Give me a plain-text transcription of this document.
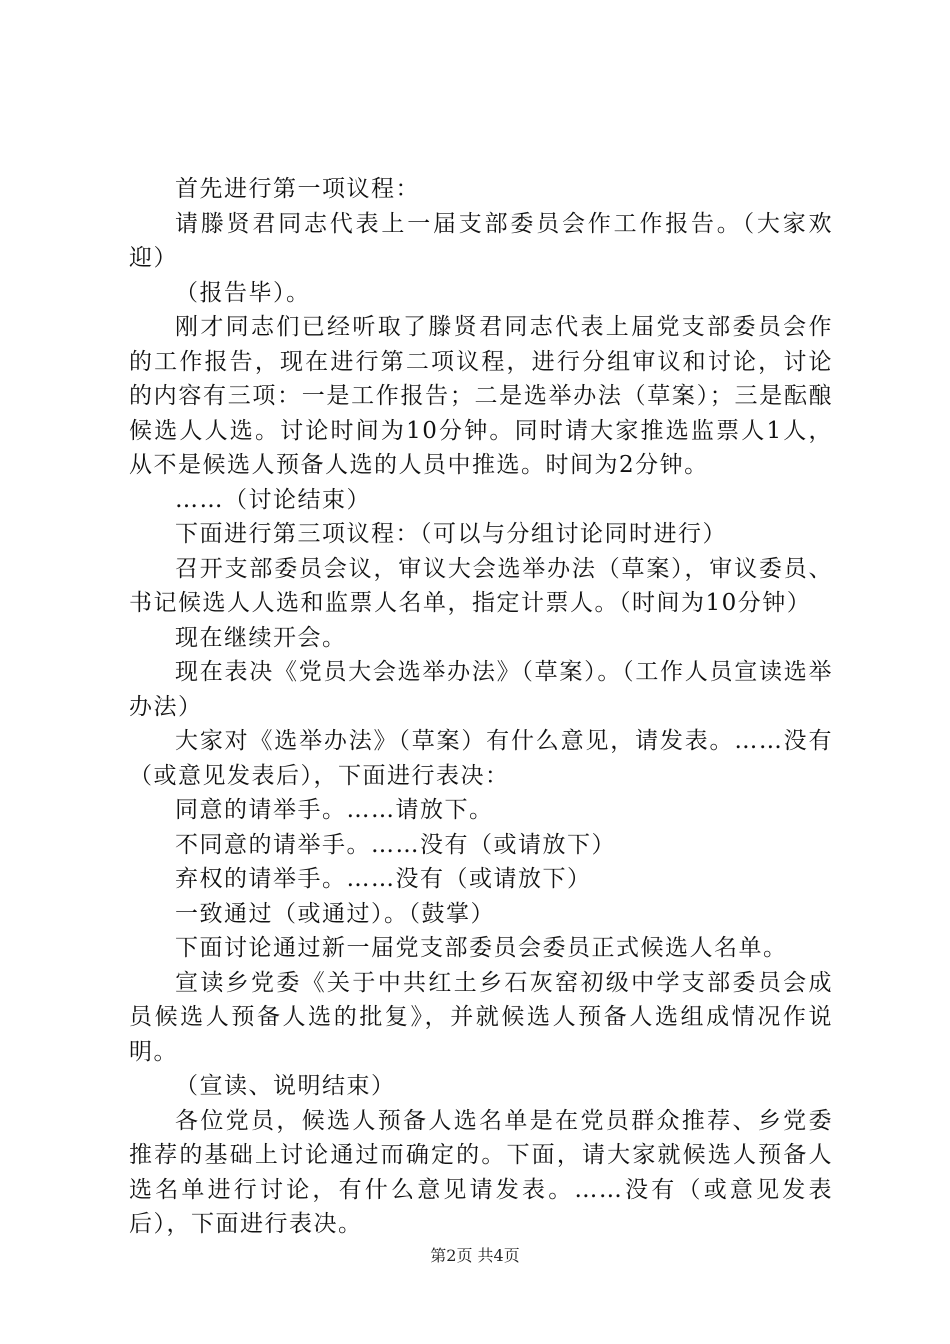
首先进行第一项议程：

请滕贤君同志代表上一届支部委员会作工作报告。（大家欢迎）

（报告毕）。

刚才同志们已经听取了滕贤君同志代表上届党支部委员会作的工作报告，现在进行第二项议程，进行分组审议和讨论，讨论的内容有三项：一是工作报告；二是选举办法（草案）；三是酝酿候选人人选。讨论时间为10分钟。同时请大家推选监票人1人，从不是候选人预备人选的人员中推选。时间为2分钟。

……（讨论结束）

下面进行第三项议程：（可以与分组讨论同时进行）

召开支部委员会议，审议大会选举办法（草案），审议委员、书记候选人人选和监票人名单，指定计票人。（时间为10分钟）

现在继续开会。

现在表决《党员大会选举办法》（草案）。（工作人员宣读选举办法）

大家对《选举办法》（草案）有什么意见，请发表。……没有（或意见发表后），下面进行表决：

同意的请举手。……请放下。

不同意的请举手。……没有（或请放下）

弃权的请举手。……没有（或请放下）

一致通过（或通过）。（鼓掌）

下面讨论通过新一届党支部委员会委员正式候选人名单。

宣读乡党委《关于中共红土乡石灰窑初级中学支部委员会成员候选人预备人选的批复》，并就候选人预备人选组成情况作说明。

（宣读、说明结束）

各位党员，候选人预备人选名单是在党员群众推荐、乡党委推荐的基础上讨论通过而确定的。下面，请大家就候选人预备人选名单进行讨论，有什么意见请发表。……没有（或意见发表后），下面进行表决。

第2页 共4页
